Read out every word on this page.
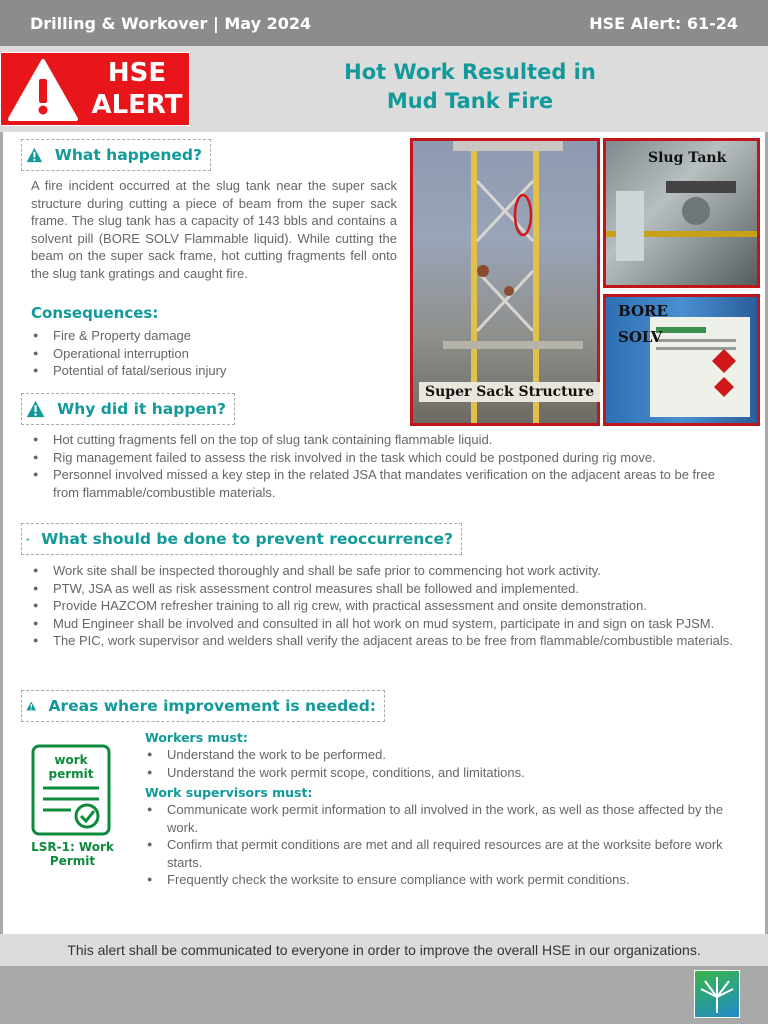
Drilling & Workover | May 2024	HSE Alert: 61-24
HSE
ALERT
Hot Work Resulted in
Mud Tank Fire
What happened?
A fire incident occurred at the slug tank near the super sack structure during cutting a piece of beam from the super sack frame. The slug tank has a capacity of 143 bbls and contains a solvent pill (BORE SOLV Flammable liquid). While cutting the beam on the super sack frame, hot cutting fragments fell onto the slug tank gratings and caught fire.
Consequences:
● Fire & Property damage
● Operational interruption
● Potential of fatal/serious injury
Super Sack Structure
Slug Tank
BORE
SOLV
Why did it happen?
● Hot cutting fragments fell on the top of slug tank containing flammable liquid.
● Rig management failed to assess the risk involved in the task which could be postponed during rig move.
● Personnel involved missed a key step in the related JSA that mandates verification on the adjacent areas to be free from flammable/combustible materials.
What should be done to prevent reoccurrence?
● Work site shall be inspected thoroughly and shall be safe prior to commencing hot work activity.
● PTW, JSA as well as risk assessment control measures shall be followed and implemented.
● Provide HAZCOM refresher training to all rig crew, with practical assessment and onsite demonstration.
● Mud Engineer shall be involved and consulted in all hot work on mud system, participate in and sign on task PJSM.
● The PIC, work supervisor and welders shall verify the adjacent areas to be free from flammable/combustible materials.
Areas where improvement is needed:
work
permit
LSR-1: Work Permit
Workers must:
● Understand the work to be performed.
● Understand the work permit scope, conditions, and limitations.
Work supervisors must:
● Communicate work permit information to all involved in the work, as well as those affected by the work.
● Confirm that permit conditions are met and all required resources are at the worksite before work starts.
● Frequently check the worksite to ensure compliance with work permit conditions.
This alert shall be communicated to everyone in order to improve the overall HSE in our organizations.
